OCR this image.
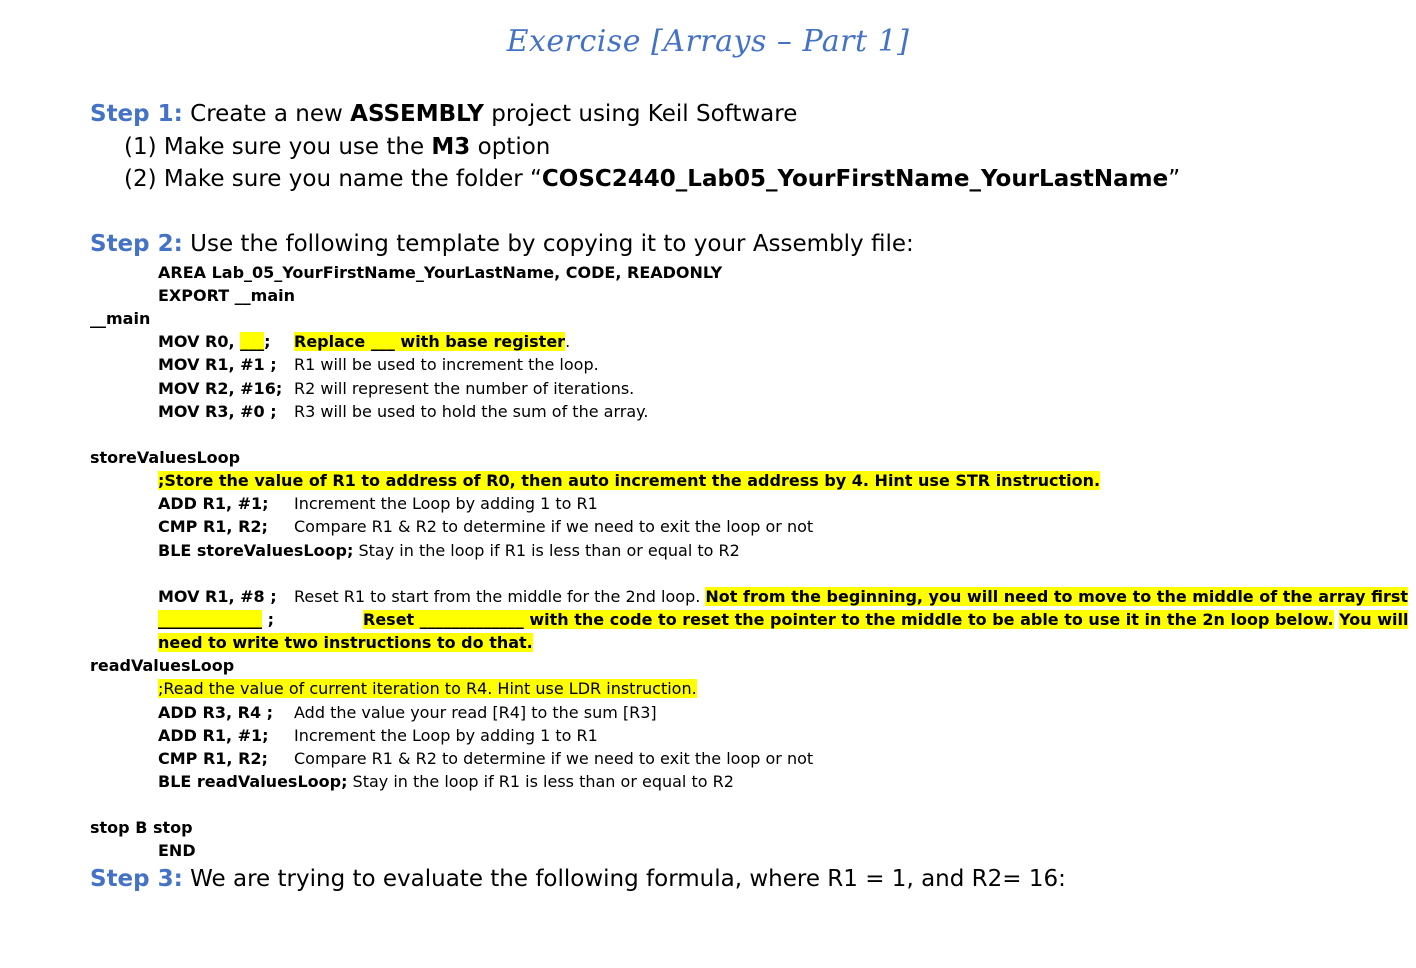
Exercise [Arrays – Part 1]
Step 1: Create a new ASSEMBLY project using Keil Software
(1) Make sure you use the M3 option
(2) Make sure you name the folder “COSC2440_Lab05_YourFirstName_YourLastName”
Step 2: Use the following template by copying it to your Assembly file:
AREA Lab_05_YourFirstName_YourLastName, CODE, READONLY
EXPORT __main
__main
MOV R0, ___; Replace ___ with base register.
MOV R1, #1 ; R1 will be used to increment the loop.
MOV R2, #16; R2 will represent the number of iterations.
MOV R3, #0 ; R3 will be used to hold the sum of the array.
storeValuesLoop
;Store the value of R1 to address of R0, then auto increment the address by 4. Hint use STR instruction.
ADD R1, #1; Increment the Loop by adding 1 to R1
CMP R1, R2; Compare R1 & R2 to determine if we need to exit the loop or not
BLE storeValuesLoop; Stay in the loop if R1 is less than or equal to R2
MOV R1, #8 ; Reset R1 to start from the middle for the 2nd loop. Not from the beginning, you will need to move to the middle of the array first
_____________ ;	Reset _____________ with the code to reset the pointer to the middle to be able to use it in the 2n loop below. You will
need to write two instructions to do that.
readValuesLoop
;Read the value of current iteration to R4. Hint use LDR instruction.
ADD R3, R4 ; Add the value your read [R4] to the sum [R3]
ADD R1, #1; Increment the Loop by adding 1 to R1
CMP R1, R2; Compare R1 & R2 to determine if we need to exit the loop or not
BLE readValuesLoop; Stay in the loop if R1 is less than or equal to R2
stop B stop
END
Step 3: We are trying to evaluate the following formula, where R1 = 1, and R2= 16:
